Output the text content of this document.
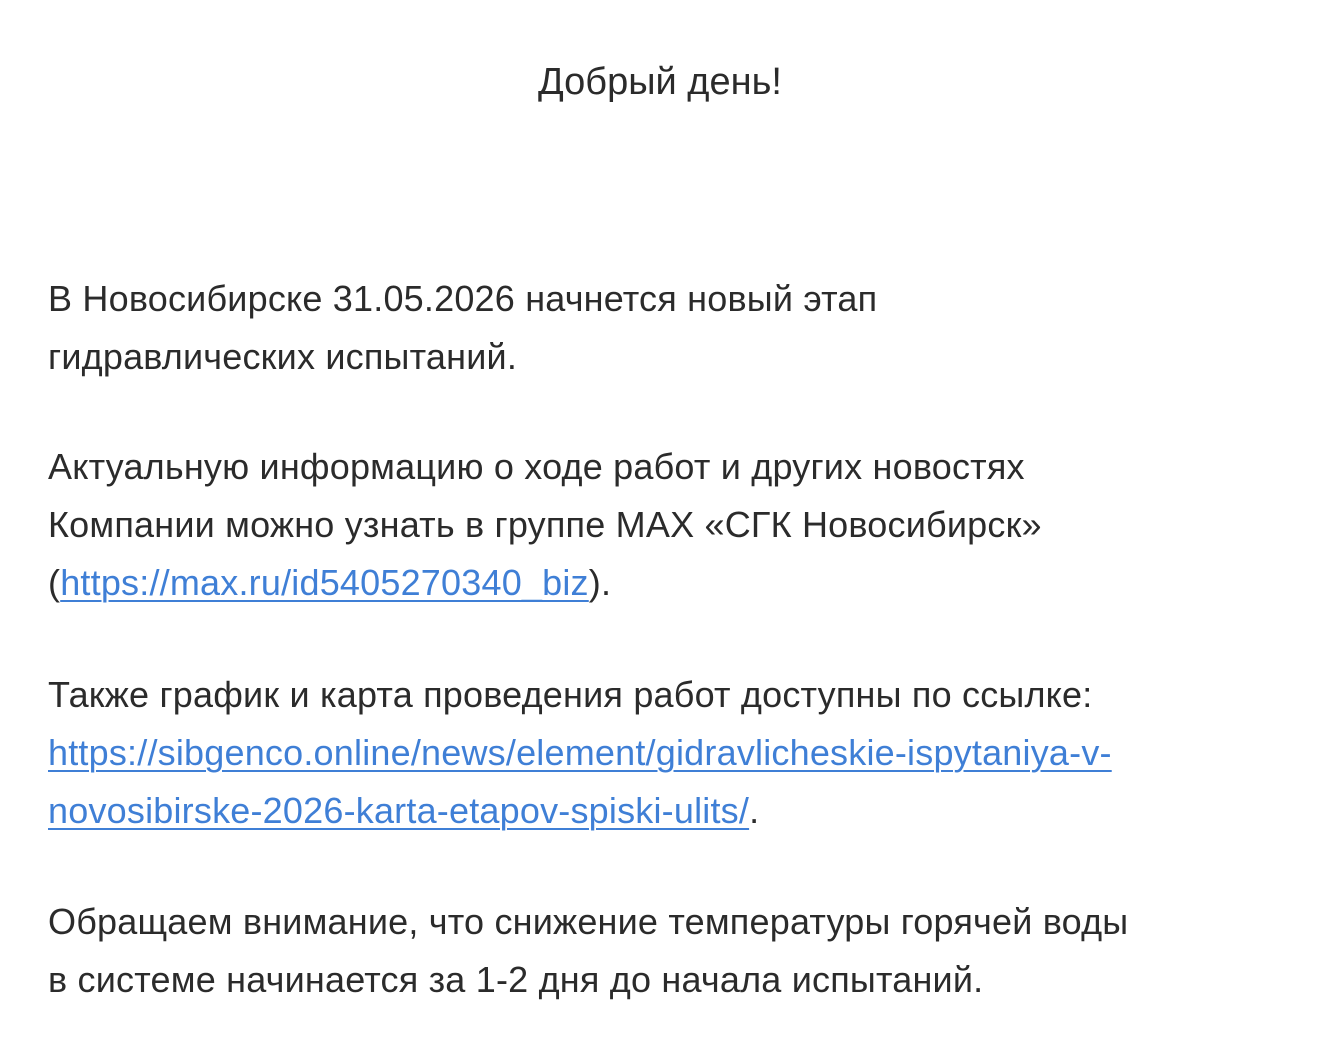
Добрый день!
В Новосибирске 31.05.2026 начнется новый этап
гидравлических испытаний.
Актуальную информацию о ходе работ и других новостях
Компании можно узнать в группе MAX «СГК Новосибирск»
(https://max.ru/id5405270340_biz).
Также график и карта проведения работ доступны по ссылке:
https://sibgenco.online/news/element/gidravlicheskie-ispytaniya-v-
novosibirske-2026-karta-etapov-spiski-ulits/.
Обращаем внимание, что снижение температуры горячей воды
в системе начинается за 1-2 дня до начала испытаний.
